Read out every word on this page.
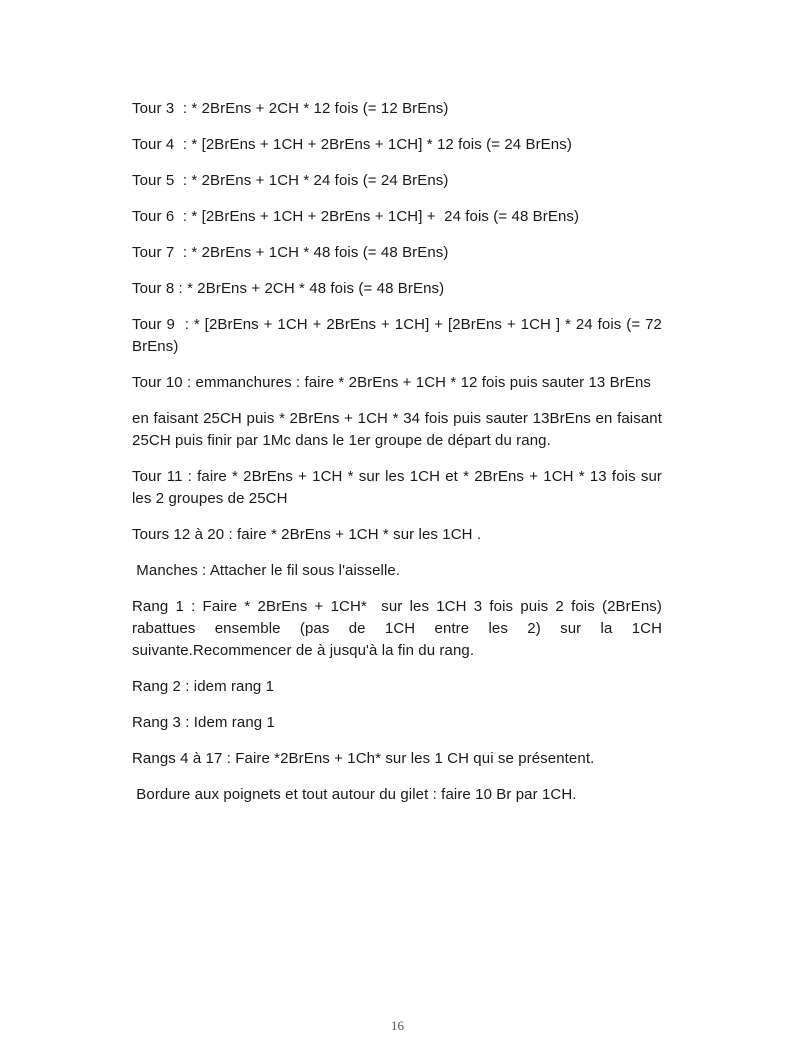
Tour 3  : * 2BrEns + 2CH * 12 fois (= 12 BrEns)

Tour 4  : * [2BrEns + 1CH + 2BrEns + 1CH] * 12 fois (= 24 BrEns)

Tour 5  : * 2BrEns + 1CH * 24 fois (= 24 BrEns)

Tour 6  : * [2BrEns + 1CH + 2BrEns + 1CH] +  24 fois (= 48 BrEns)

Tour 7  : * 2BrEns + 1CH * 48 fois (= 48 BrEns)

Tour 8 : * 2BrEns + 2CH * 48 fois (= 48 BrEns)

Tour 9  : * [2BrEns + 1CH + 2BrEns + 1CH] + [2BrEns + 1CH ] * 24 fois (= 72 BrEns)

Tour 10 : emmanchures : faire * 2BrEns + 1CH * 12 fois puis sauter 13 BrEns

en faisant 25CH puis * 2BrEns + 1CH * 34 fois puis sauter 13BrEns en faisant 25CH puis finir par 1Mc dans le 1er groupe de départ du rang.

Tour 11 : faire * 2BrEns + 1CH * sur les 1CH et * 2BrEns + 1CH * 13 fois sur les 2 groupes de 25CH

Tours 12 à 20 : faire * 2BrEns + 1CH * sur les 1CH .

Manches : Attacher le fil sous l'aisselle.

Rang 1 : Faire * 2BrEns + 1CH*  sur les 1CH 3 fois puis 2 fois (2BrEns) rabattues ensemble (pas de 1CH entre les 2) sur la 1CH suivante.Recommencer de à jusqu'à la fin du rang.

Rang 2 : idem rang 1

Rang 3 : Idem rang 1

Rangs 4 à 17 : Faire *2BrEns + 1Ch* sur les 1 CH qui se présentent.

Bordure aux poignets et tout autour du gilet : faire 10 Br par 1CH.

16
